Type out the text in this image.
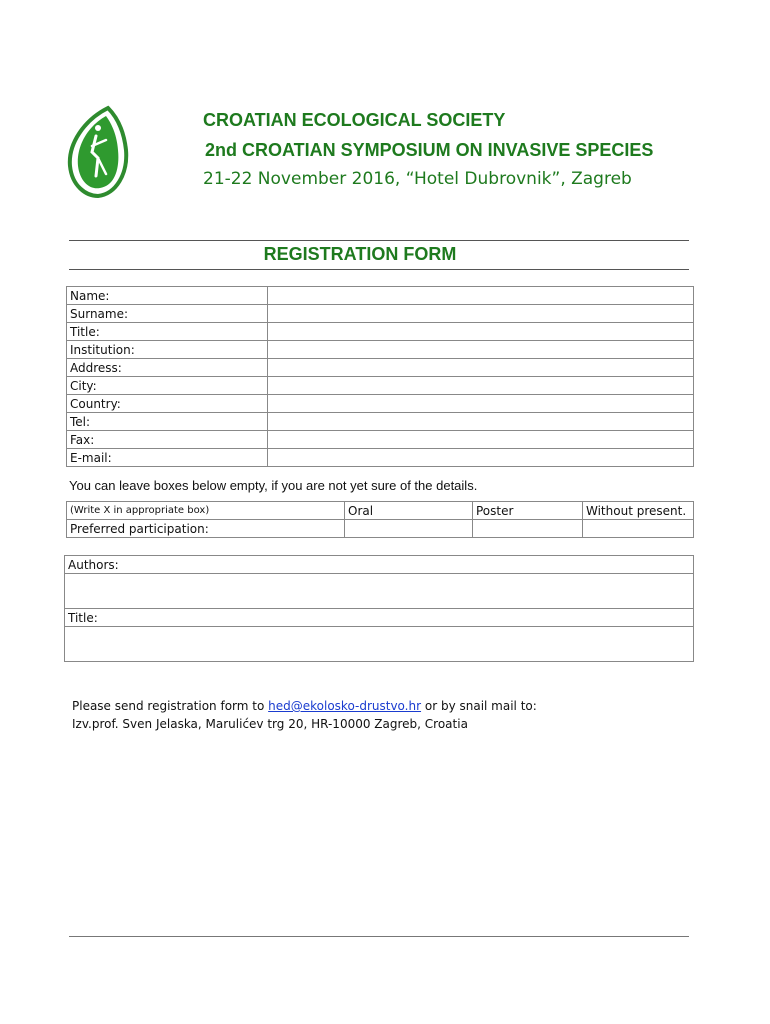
CROATIAN ECOLOGICAL SOCIETY
2nd CROATIAN SYMPOSIUM ON INVASIVE SPECIES
21-22 November 2016, “Hotel Dubrovnik”, Zagreb
REGISTRATION FORM
Name:	
Surname:	
Title:	
Institution:	
Address:	
City:	
Country:	
Tel:	
Fax:	
E-mail:	
You can leave boxes below empty, if you are not yet sure of the details.
(Write X in appropriate box)	Oral	Poster	Without present.
Preferred participation:			
Authors:

Title:

Please send registration form to hed@ekolosko-drustvo.hr or by snail mail to:
Izv.prof. Sven Jelaska, Marulićev trg 20, HR-10000 Zagreb, Croatia
